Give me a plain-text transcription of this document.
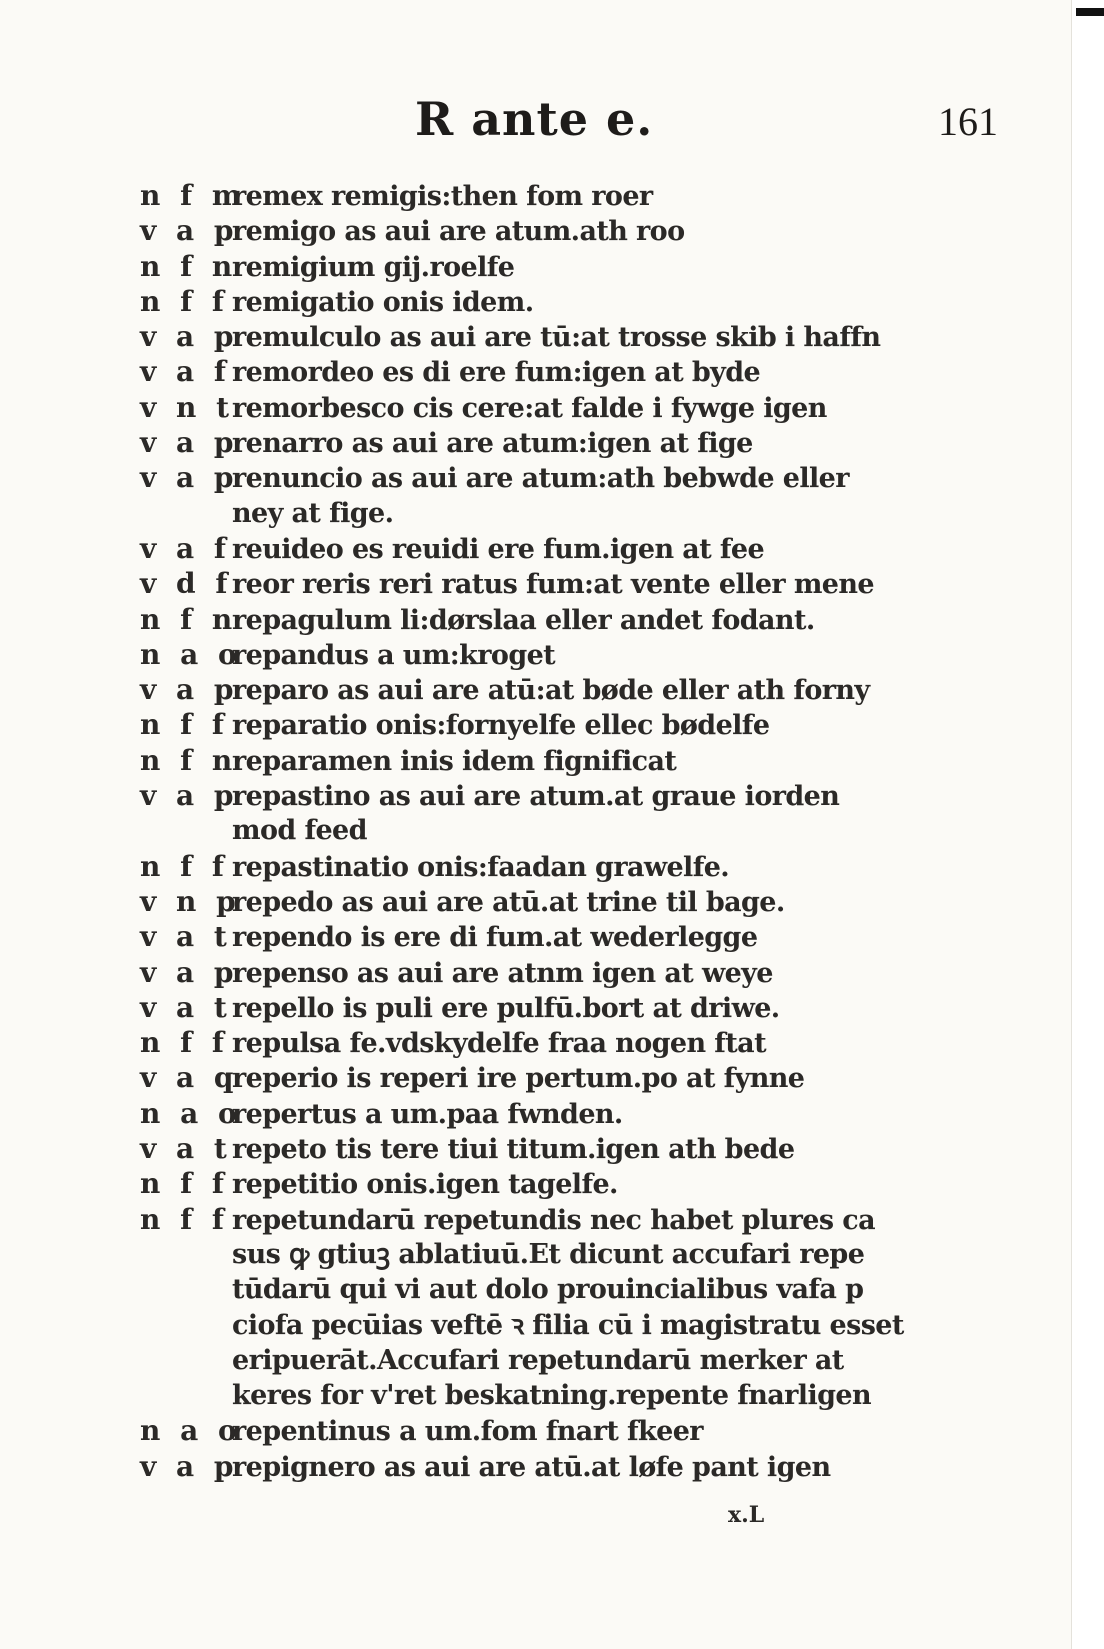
R ante e.	161
n f m
remex remigis:then fom roer
v a p
remigo as aui are atum.ath roo
n f n
remigium gij.roelfe
n f f remigatio onis idem.
v a p
remulculo as aui are tū:at trosse skib i haffn
v a f remordeo es di ere fum:igen at byde
v n t
remorbesco cis cere:at falde i fywge igen
v a p
renarro as aui are atum:igen at fige
v a p
renuncio as aui are atum:ath bebwde eller
ney at fige.
v a f reuideo es reuidi ere fum.igen at fee
v d f reor reris reri ratus fum:at vente eller mene
n f n
repagulum li:dørslaa eller andet fodant.
n a o
repandus a um:kroget
v a p
reparo as aui are atū:at bøde eller ath forny
n f f reparatio onis:fornyelfe ellec bødelfe
n f n
reparamen inis idem fignificat
v a p
repastino as aui are atum.at graue iorden
mod feed
n f f repastinatio onis:faadan grawelfe.
v n p
repedo as aui are atū.at trine til bage.
v a t rependo is ere di fum.at wederlegge
v a p
repenso as aui are atnm igen at weye
v a t repello is puli ere pulfū.bort at driwe.
n f f repulsa fe.vdskydelfe fraa nogen ftat
v a q
reperio is reperi ire pertum.po at fynne
n a o
repertus a um.paa fwnden.
v a t repeto tis tere tiui titum.igen ath bede
n f f repetitio onis.igen tagelfe.
n f f repetundarū repetundis nec habet plures ca
sus ꝙ gtiuꝫ ablatiuū.Et dicunt accufari repe
tūdarū qui vi aut dolo prouincialibus vafa p
ciofa pecūias veftē ꝛ filia cū i magistratu esset
eripuerāt.Accufari repetundarū merker at
keres for v'ret beskatning.repente fnarligen
n a o
repentinus a um.fom fnart fkeer
v a p
repignero as aui are atū.at løfe pant igen
x.L
